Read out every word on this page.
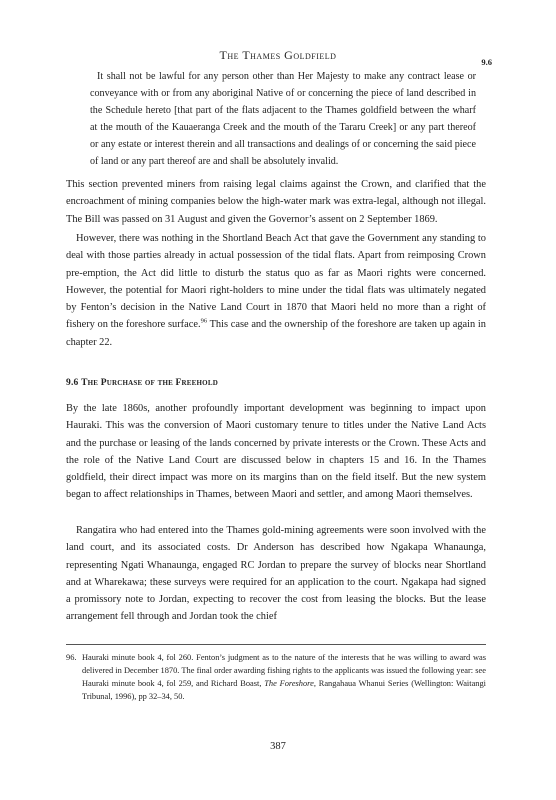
The Thames Goldfield	9.6
It shall not be lawful for any person other than Her Majesty to make any contract lease or conveyance with or from any aboriginal Native of or concerning the piece of land described in the Schedule hereto [that part of the flats adjacent to the Thames goldfield between the wharf at the mouth of the Kauaeranga Creek and the mouth of the Tararu Creek] or any part thereof or any estate or interest therein and all transactions and dealings of or concerning the said piece of land or any part thereof are and shall be absolutely invalid.

This section prevented miners from raising legal claims against the Crown, and clarified that the encroachment of mining companies below the high-water mark was extra-legal, although not illegal. The Bill was passed on 31 August and given the Governor’s assent on 2 September 1869.

However, there was nothing in the Shortland Beach Act that gave the Government any standing to deal with those parties already in actual possession of the tidal flats. Apart from reimposing Crown pre-emption, the Act did little to disturb the status quo as far as Maori rights were concerned. However, the potential for Maori right-holders to mine under the tidal flats was ultimately negated by Fenton’s decision in the Native Land Court in 1870 that Maori held no more than a right of fishery on the foreshore surface.$^{96}$ This case and the ownership of the foreshore are taken up again in chapter 22.

9.6 The Purchase of the Freehold

By the late 1860s, another profoundly important development was beginning to impact upon Hauraki. This was the conversion of Maori customary tenure to titles under the Native Land Acts and the purchase or leasing of the lands concerned by private interests or the Crown. These Acts and the role of the Native Land Court are discussed below in chapters 15 and 16. In the Thames goldfield, their direct impact was more on its margins than on the field itself. But the new system began to affect relationships in Thames, between Maori and settler, and among Maori themselves.

Rangatira who had entered into the Thames gold-mining agreements were soon involved with the land court, and its associated costs. Dr Anderson has described how Ngakapa Whanaunga, representing Ngati Whanaunga, engaged RC Jordan to prepare the survey of blocks near Shortland and at Wharekawa; these surveys were required for an application to the court. Ngakapa had signed a promissory note to Jordan, expecting to recover the cost from leasing the blocks. But the lease arrangement fell through and Jordan took the chief

96. Hauraki minute book 4, fol 260. Fenton’s judgment as to the nature of the interests that he was willing to award was delivered in December 1870. The final order awarding fishing rights to the applicants was issued the following year: see Hauraki minute book 4, fol 259, and Richard Boast, The Foreshore, Rangahaua Whanui Series (Wellington: Waitangi Tribunal, 1996), pp 32–34, 50.

387
